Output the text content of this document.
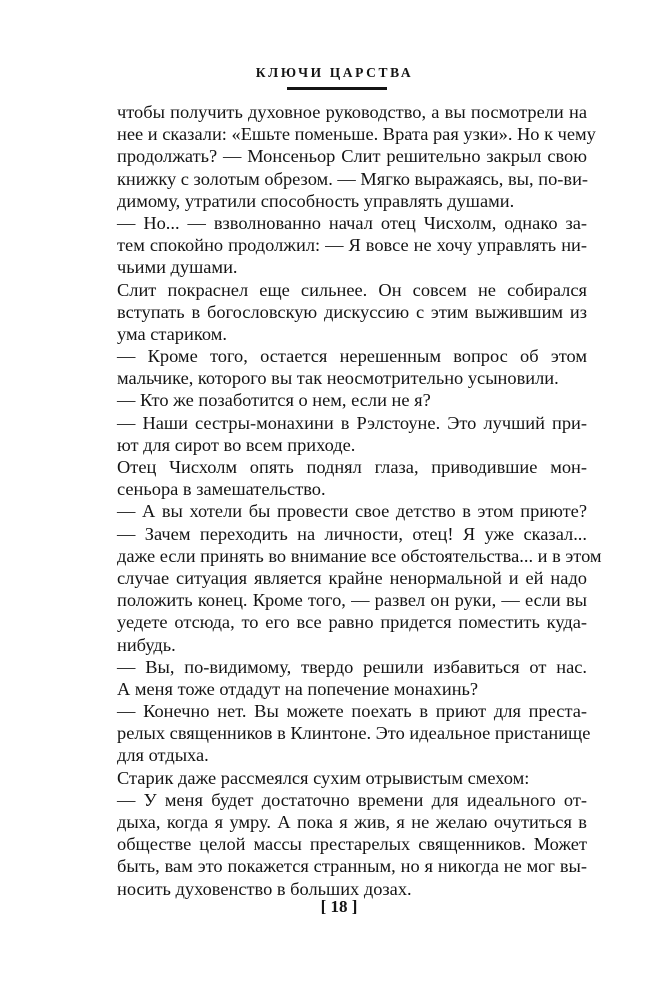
КЛЮЧИ ЦАРСТВА
чтобы получить духовное руководство, а вы посмотрели на
нее и сказали: «Ешьте поменьше. Врата рая узки». Но к чему
продолжать? — Монсеньор Слит решительно закрыл свою
книжку с золотым обрезом. — Мягко выражаясь, вы, по-ви-
димому, утратили способность управлять душами.
— Но... — взволнованно начал отец Чисхолм, однако за-
тем спокойно продолжил: — Я вовсе не хочу управлять ни-
чьими душами.
Слит покраснел еще сильнее. Он совсем не собирался
вступать в богословскую дискуссию с этим выжившим из
ума стариком.
— Кроме того, остается нерешенным вопрос об этом
мальчике, которого вы так неосмотрительно усыновили.
— Кто же позаботится о нем, если не я?
— Наши сестры-монахини в Рэлстоуне. Это лучший при-
ют для сирот во всем приходе.
Отец Чисхолм опять поднял глаза, приводившие мон-
сеньора в замешательство.
— А вы хотели бы провести свое детство в этом приюте?
— Зачем переходить на личности, отец! Я уже сказал...
даже если принять во внимание все обстоятельства... и в этом
случае ситуация является крайне ненормальной и ей надо
положить конец. Кроме того, — развел он руки, — если вы
уедете отсюда, то его все равно придется поместить куда-
нибудь.
— Вы, по-видимому, твердо решили избавиться от нас.
А меня тоже отдадут на попечение монахинь?
— Конечно нет. Вы можете поехать в приют для преста-
релых священников в Клинтоне. Это идеальное пристанище
для отдыха.
Старик даже рассмеялся сухим отрывистым смехом:
— У меня будет достаточно времени для идеального от-
дыха, когда я умру. А пока я жив, я не желаю очутиться в
обществе целой массы престарелых священников. Может
быть, вам это покажется странным, но я никогда не мог вы-
носить духовенство в больших дозах.
[ 18 ]
